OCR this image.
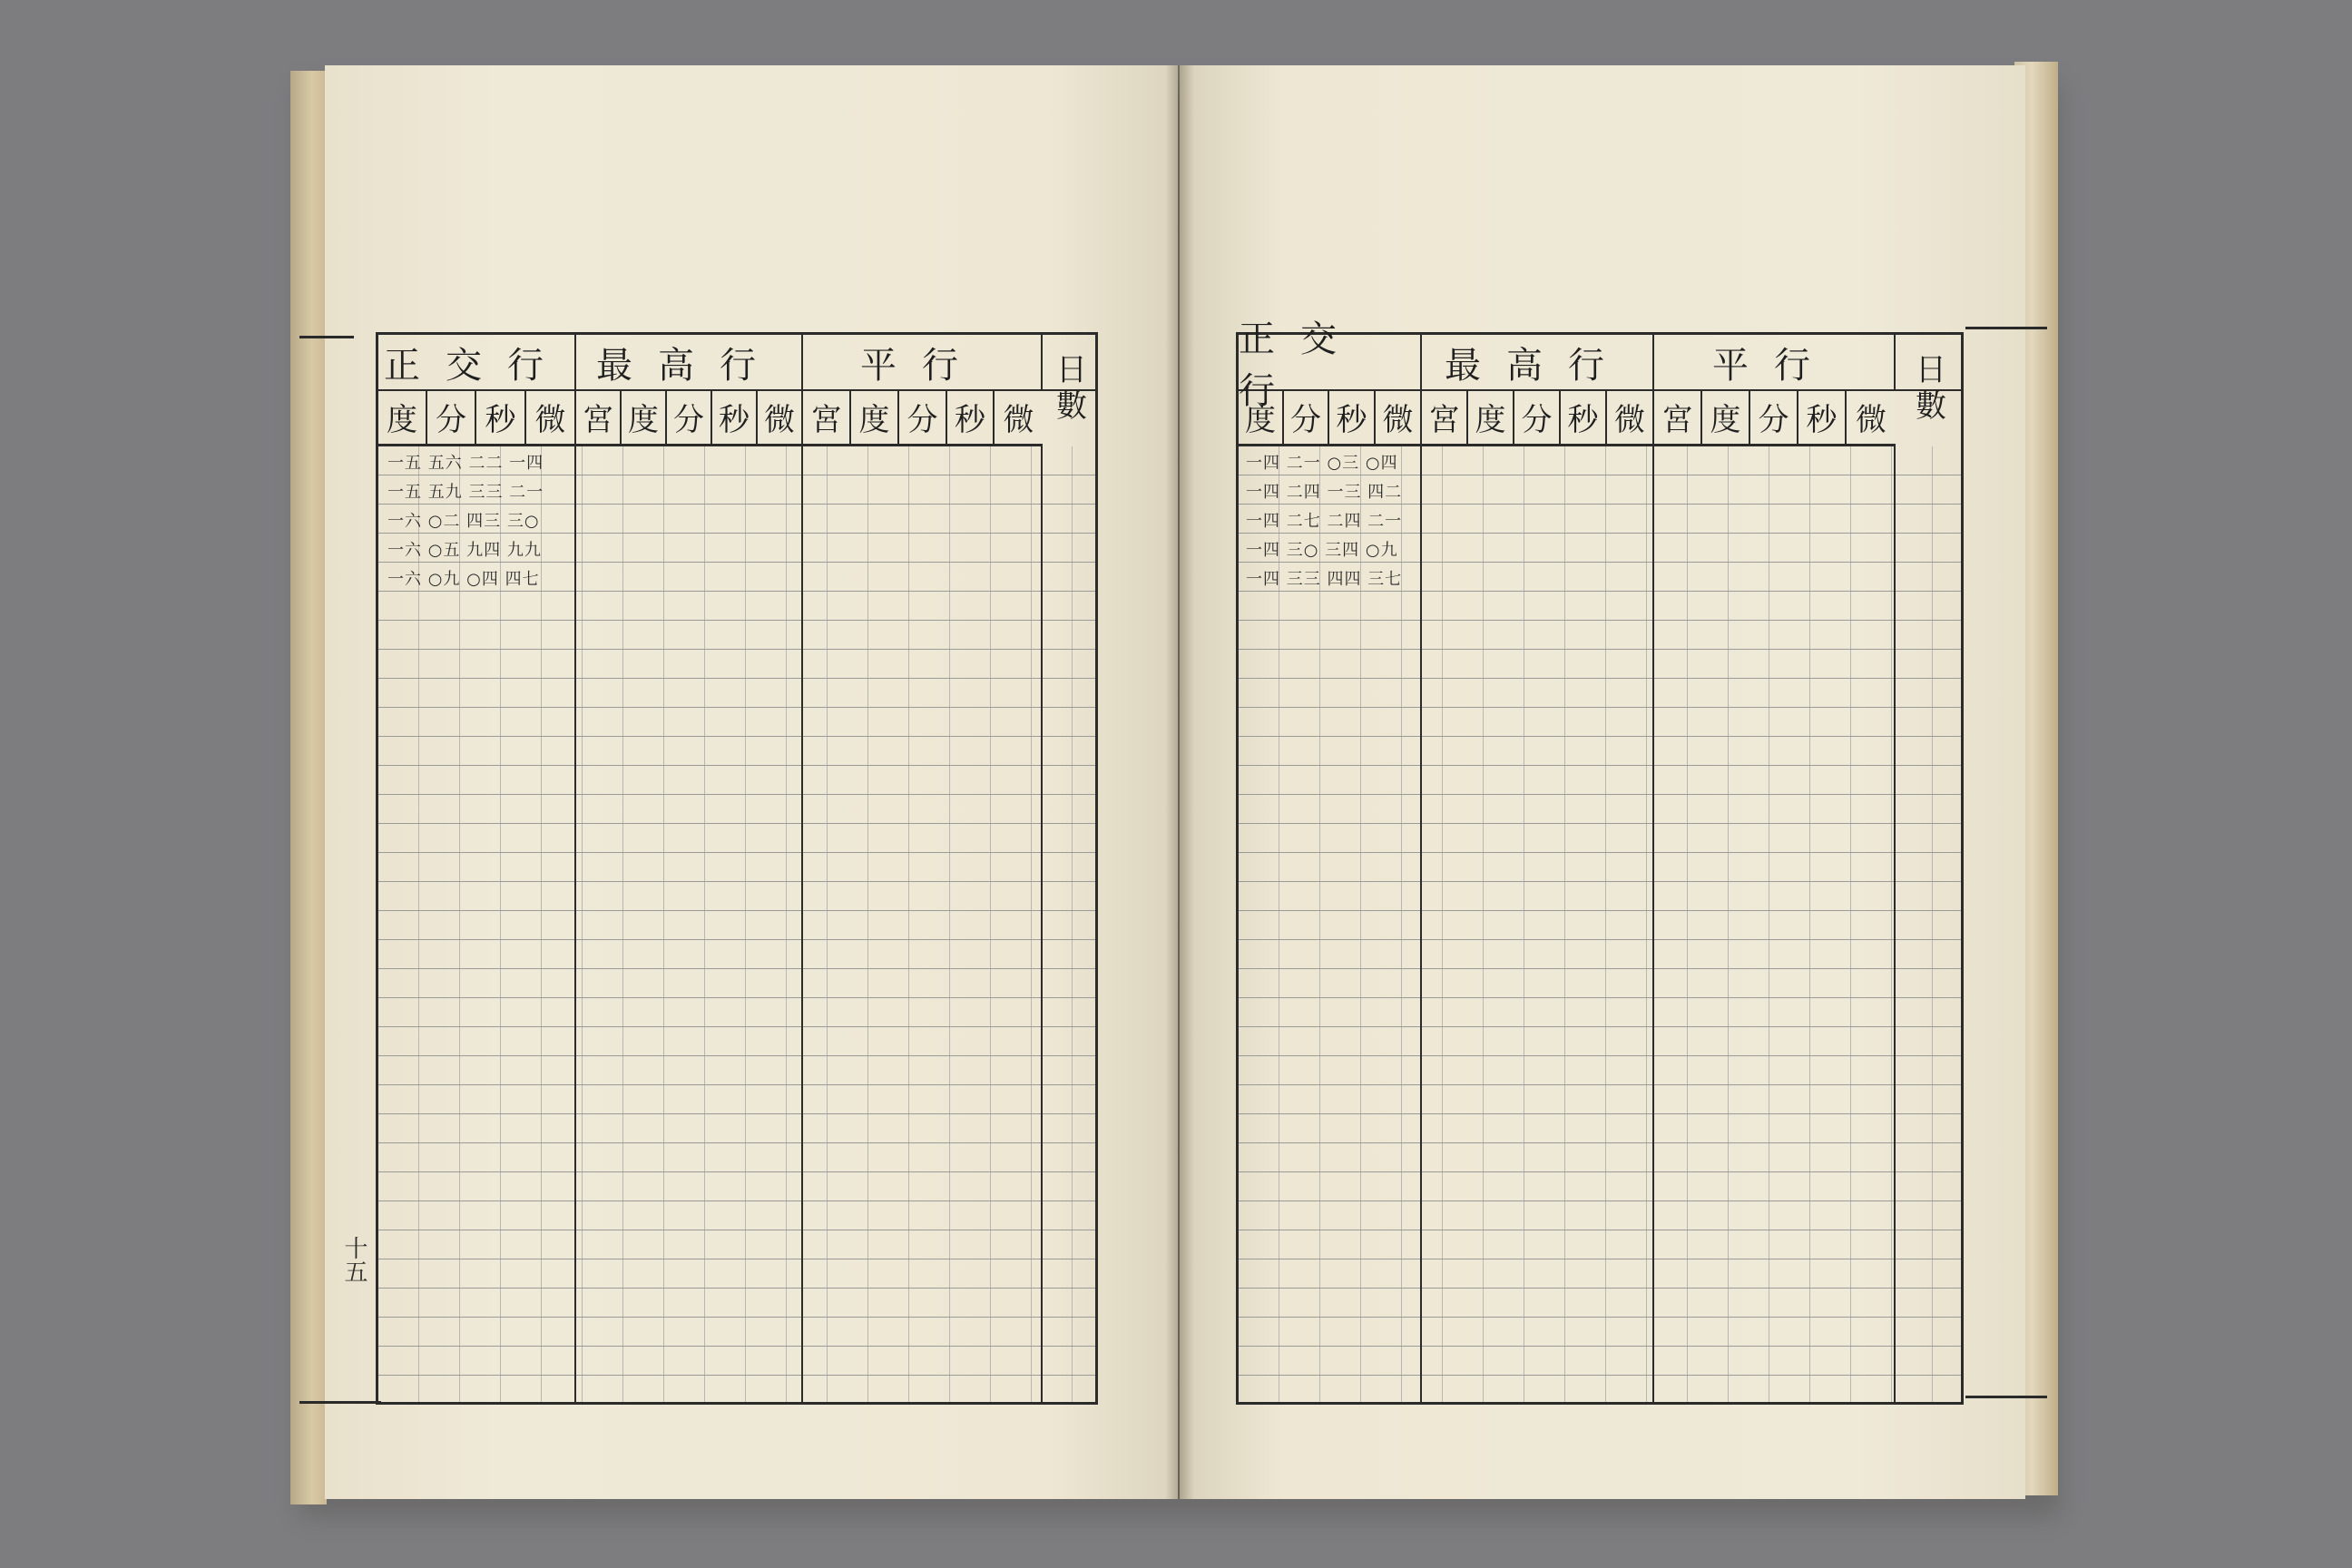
正交行 最高行	平行	日數
度 分 秒 微 宮 度 分 秒 微 宮 度 分 秒 微
一五 五六 二二 一四
一五 五九 三三 二一
一六 ○二 四三 三○
一六 ○五 九四 九九
一六 ○九 ○四 四七
十五
正交行
最高行	平行	日數
度 分 秒 微 宮 度 分 秒 微 宮 度 分 秒 微
一四 二一 ○三 ○四
一四 二四 一三 四二
一四 二七 二四 二一
一四 三○ 三四 ○九
一四 三三 四四 三七
